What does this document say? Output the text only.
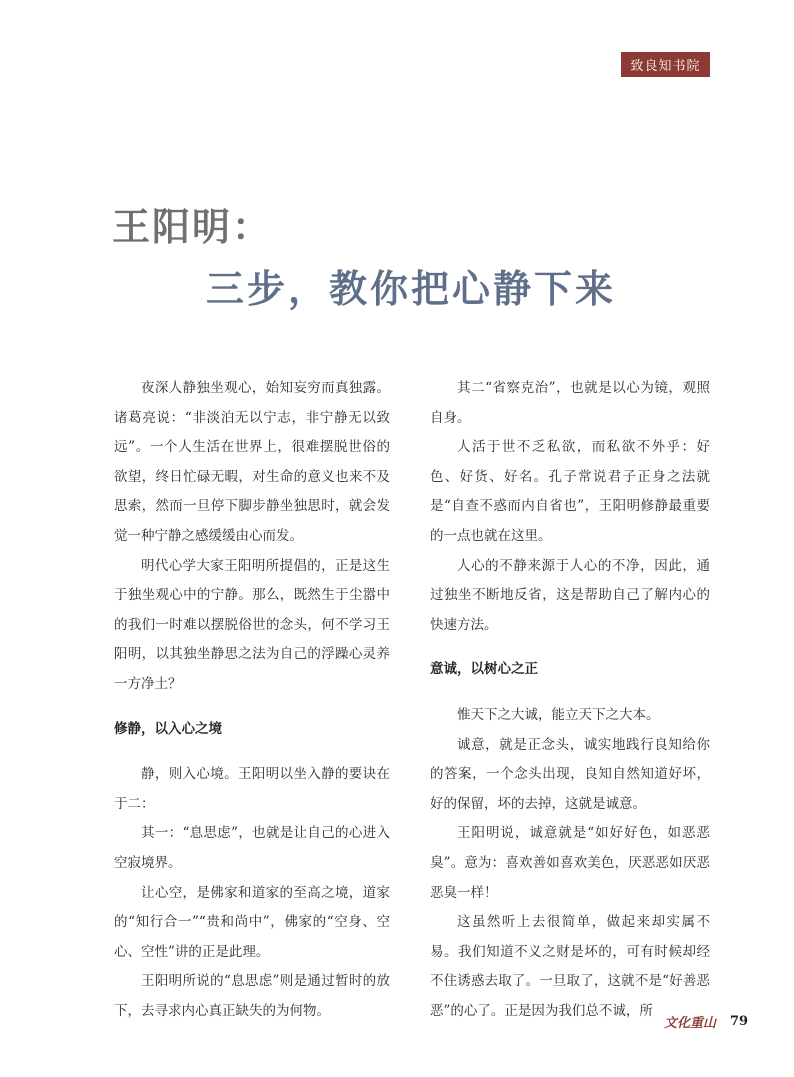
致良知书院
王阳明：
三步，教你把心静下来

夜深人静独坐观心，始知妄穷而真独露。诸葛亮说：“非淡泊无以宁志，非宁静无以致远”。一个人生活在世界上，很难摆脱世俗的欲望，终日忙碌无暇，对生命的意义也来不及思索，然而一旦停下脚步静坐独思时，就会发觉一种宁静之感缓缓由心而发。

明代心学大家王阳明所提倡的，正是这生于独坐观心中的宁静。那么，既然生于尘嚣中的我们一时难以摆脱俗世的念头，何不学习王阳明，以其独坐静思之法为自己的浮躁心灵养一方净土？

修静，以入心之境

静，则入心境。王阳明以坐入静的要诀在于二：

其一：“息思虑”，也就是让自己的心进入空寂境界。

让心空，是佛家和道家的至高之境，道家的“知行合一”“贵和尚中”，佛家的“空身、空心、空性”讲的正是此理。

王阳明所说的“息思虑”则是通过暂时的放下，去寻求内心真正缺失的为何物。

其二“省察克治”，也就是以心为镜，观照自身。

人活于世不乏私欲，而私欲不外乎：好色、好货、好名。孔子常说君子正身之法就是“自查不惑而内自省也”，王阳明修静最重要的一点也就在这里。

人心的不静来源于人心的不净，因此，通过独坐不断地反省，这是帮助自己了解内心的快速方法。

意诚，以树心之正

惟天下之大诚，能立天下之大本。

诚意，就是正念头，诚实地践行良知给你的答案，一个念头出现，良知自然知道好坏，好的保留，坏的去掉，这就是诚意。

王阳明说，诚意就是“如好好色，如恶恶臭”。意为：喜欢善如喜欢美色，厌恶恶如厌恶恶臭一样！

这虽然听上去很简单，做起来却实属不易。我们知道不义之财是坏的，可有时候却经不住诱惑去取了。一旦取了，这就不是“好善恶恶”的心了。正是因为我们总不诚，所

文化重山 79
